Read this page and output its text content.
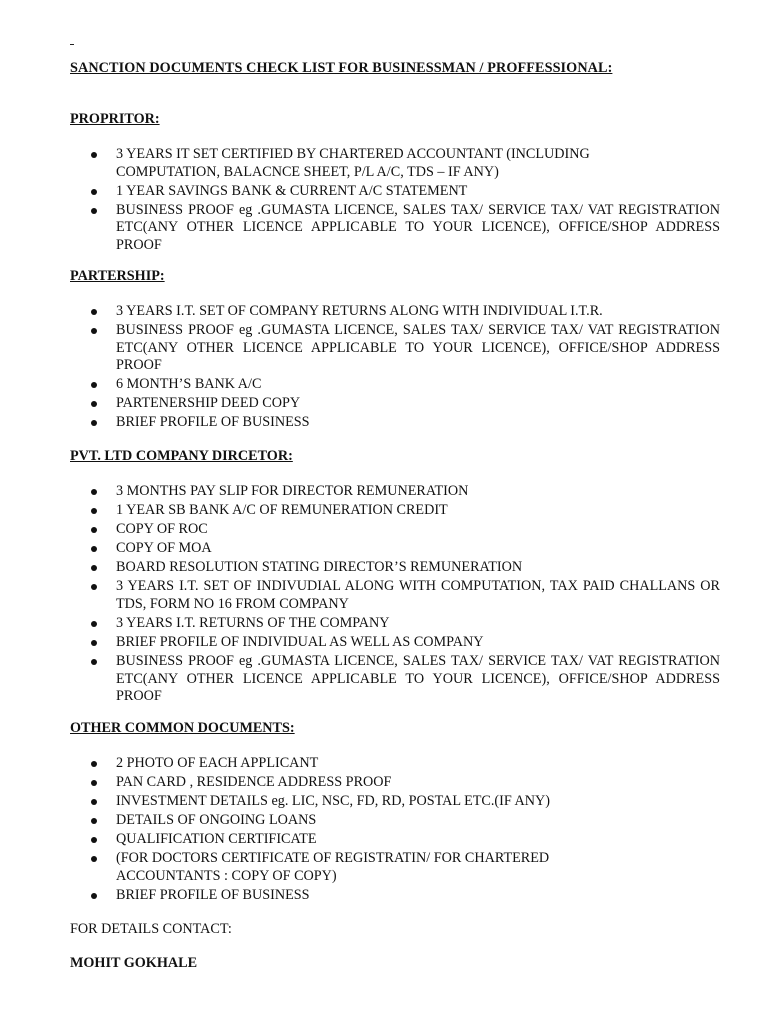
SANCTION DOCUMENTS CHECK LIST FOR BUSINESSMAN / PROFFESSIONAL:
PROPRITOR:
3 YEARS IT SET CERTIFIED BY CHARTERED ACCOUNTANT (INCLUDING COMPUTATION, BALACNCE SHEET, P/L A/C, TDS – IF ANY)
1 YEAR SAVINGS BANK & CURRENT A/C STATEMENT
BUSINESS PROOF eg .GUMASTA LICENCE, SALES TAX/ SERVICE TAX/ VAT REGISTRATION ETC(ANY OTHER LICENCE APPLICABLE TO YOUR LICENCE), OFFICE/SHOP ADDRESS PROOF
PARTERSHIP:
3 YEARS I.T. SET OF COMPANY RETURNS ALONG WITH INDIVIDUAL I.T.R.
BUSINESS PROOF eg .GUMASTA LICENCE, SALES TAX/ SERVICE TAX/ VAT REGISTRATION ETC(ANY OTHER LICENCE APPLICABLE TO YOUR LICENCE), OFFICE/SHOP ADDRESS PROOF
6 MONTH’S BANK A/C
PARTENERSHIP DEED COPY
BRIEF PROFILE OF BUSINESS
PVT. LTD COMPANY DIRCETOR:
3 MONTHS PAY SLIP FOR DIRECTOR REMUNERATION
1 YEAR SB BANK A/C OF REMUNERATION CREDIT
COPY OF ROC
COPY OF MOA
BOARD RESOLUTION STATING DIRECTOR’S REMUNERATION
3 YEARS I.T. SET OF INDIVUDIAL ALONG WITH COMPUTATION, TAX PAID CHALLANS OR TDS, FORM NO 16 FROM COMPANY
3 YEARS I.T. RETURNS OF THE COMPANY
BRIEF PROFILE OF INDIVIDUAL AS WELL AS COMPANY
BUSINESS PROOF eg .GUMASTA LICENCE, SALES TAX/ SERVICE TAX/ VAT REGISTRATION ETC(ANY OTHER LICENCE APPLICABLE TO YOUR LICENCE), OFFICE/SHOP ADDRESS PROOF
OTHER COMMON DOCUMENTS:
2 PHOTO OF EACH APPLICANT
PAN CARD , RESIDENCE ADDRESS PROOF
INVESTMENT DETAILS eg. LIC, NSC, FD, RD, POSTAL ETC.(IF ANY)
DETAILS OF ONGOING LOANS
QUALIFICATION CERTIFICATE
(FOR DOCTORS CERTIFICATE OF REGISTRATIN/ FOR CHARTERED ACCOUNTANTS : COPY OF COPY)
BRIEF PROFILE OF BUSINESS
FOR DETAILS CONTACT:
MOHIT GOKHALE
